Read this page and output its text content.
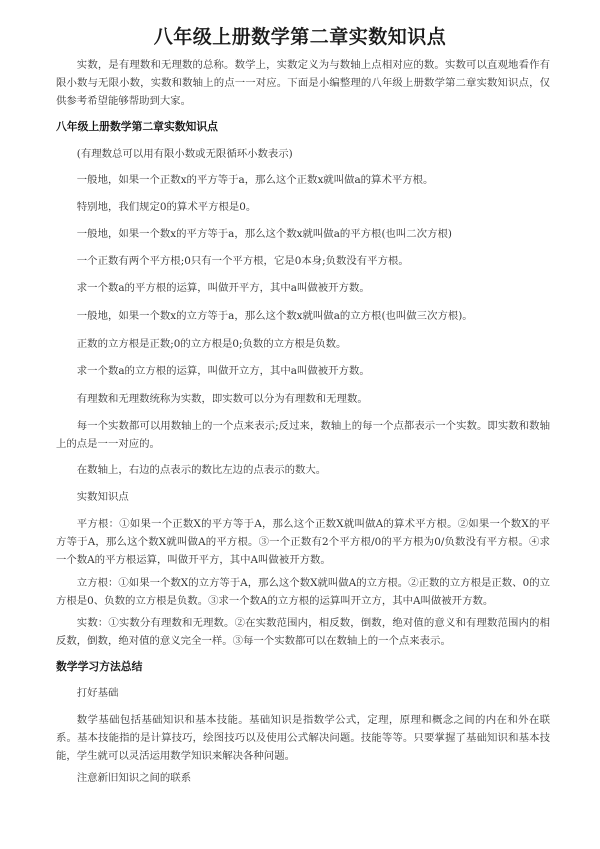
八年级上册数学第二章实数知识点
实数，是有理数和无理数的总称。数学上，实数定义为与数轴上点相对应的数。实数可以直观地看作有限小数与无限小数，实数和数轴上的点一一对应。下面是小编整理的八年级上册数学第二章实数知识点，仅供参考希望能够帮助到大家。
八年级上册数学第二章实数知识点
(有理数总可以用有限小数或无限循环小数表示)
一般地，如果一个正数x的平方等于a，那么这个正数x就叫做a的算术平方根。
特别地，我们规定0的算术平方根是0。
一般地，如果一个数x的平方等于a，那么这个数x就叫做a的平方根(也叫二次方根)
一个正数有两个平方根;0只有一个平方根，它是0本身;负数没有平方根。
求一个数a的平方根的运算，叫做开平方，其中a叫做被开方数。
一般地，如果一个数x的立方等于a，那么这个数x就叫做a的立方根(也叫做三次方根)。
正数的立方根是正数;0的立方根是0;负数的立方根是负数。
求一个数a的立方根的运算，叫做开立方，其中a叫做被开方数。
有理数和无理数统称为实数，即实数可以分为有理数和无理数。
每一个实数都可以用数轴上的一个点来表示;反过来，数轴上的每一个点都表示一个实数。即实数和数轴上的点是一一对应的。
在数轴上，右边的点表示的数比左边的点表示的数大。
实数知识点
平方根：①如果一个正数X的平方等于A，那么这个正数X就叫做A的算术平方根。②如果一个数X的平方等于A，那么这个数X就叫做A的平方根。③一个正数有2个平方根/0的平方根为0/负数没有平方根。④求一个数A的平方根运算，叫做开平方，其中A叫做被开方数。
立方根：①如果一个数X的立方等于A，那么这个数X就叫做A的立方根。②正数的立方根是正数、0的立方根是0、负数的立方根是负数。③求一个数A的立方根的运算叫开立方，其中A叫做被开方数。
实数：①实数分有理数和无理数。②在实数范围内，相反数，倒数，绝对值的意义和有理数范围内的相反数，倒数，绝对值的意义完全一样。③每一个实数都可以在数轴上的一个点来表示。
数学学习方法总结
打好基础
数学基础包括基础知识和基本技能。基础知识是指数学公式，定理，原理和概念之间的内在和外在联系。基本技能指的是计算技巧，绘图技巧以及使用公式解决问题。技能等等。只要掌握了基础知识和基本技能，学生就可以灵活运用数学知识来解决各种问题。
注意新旧知识之间的联系
